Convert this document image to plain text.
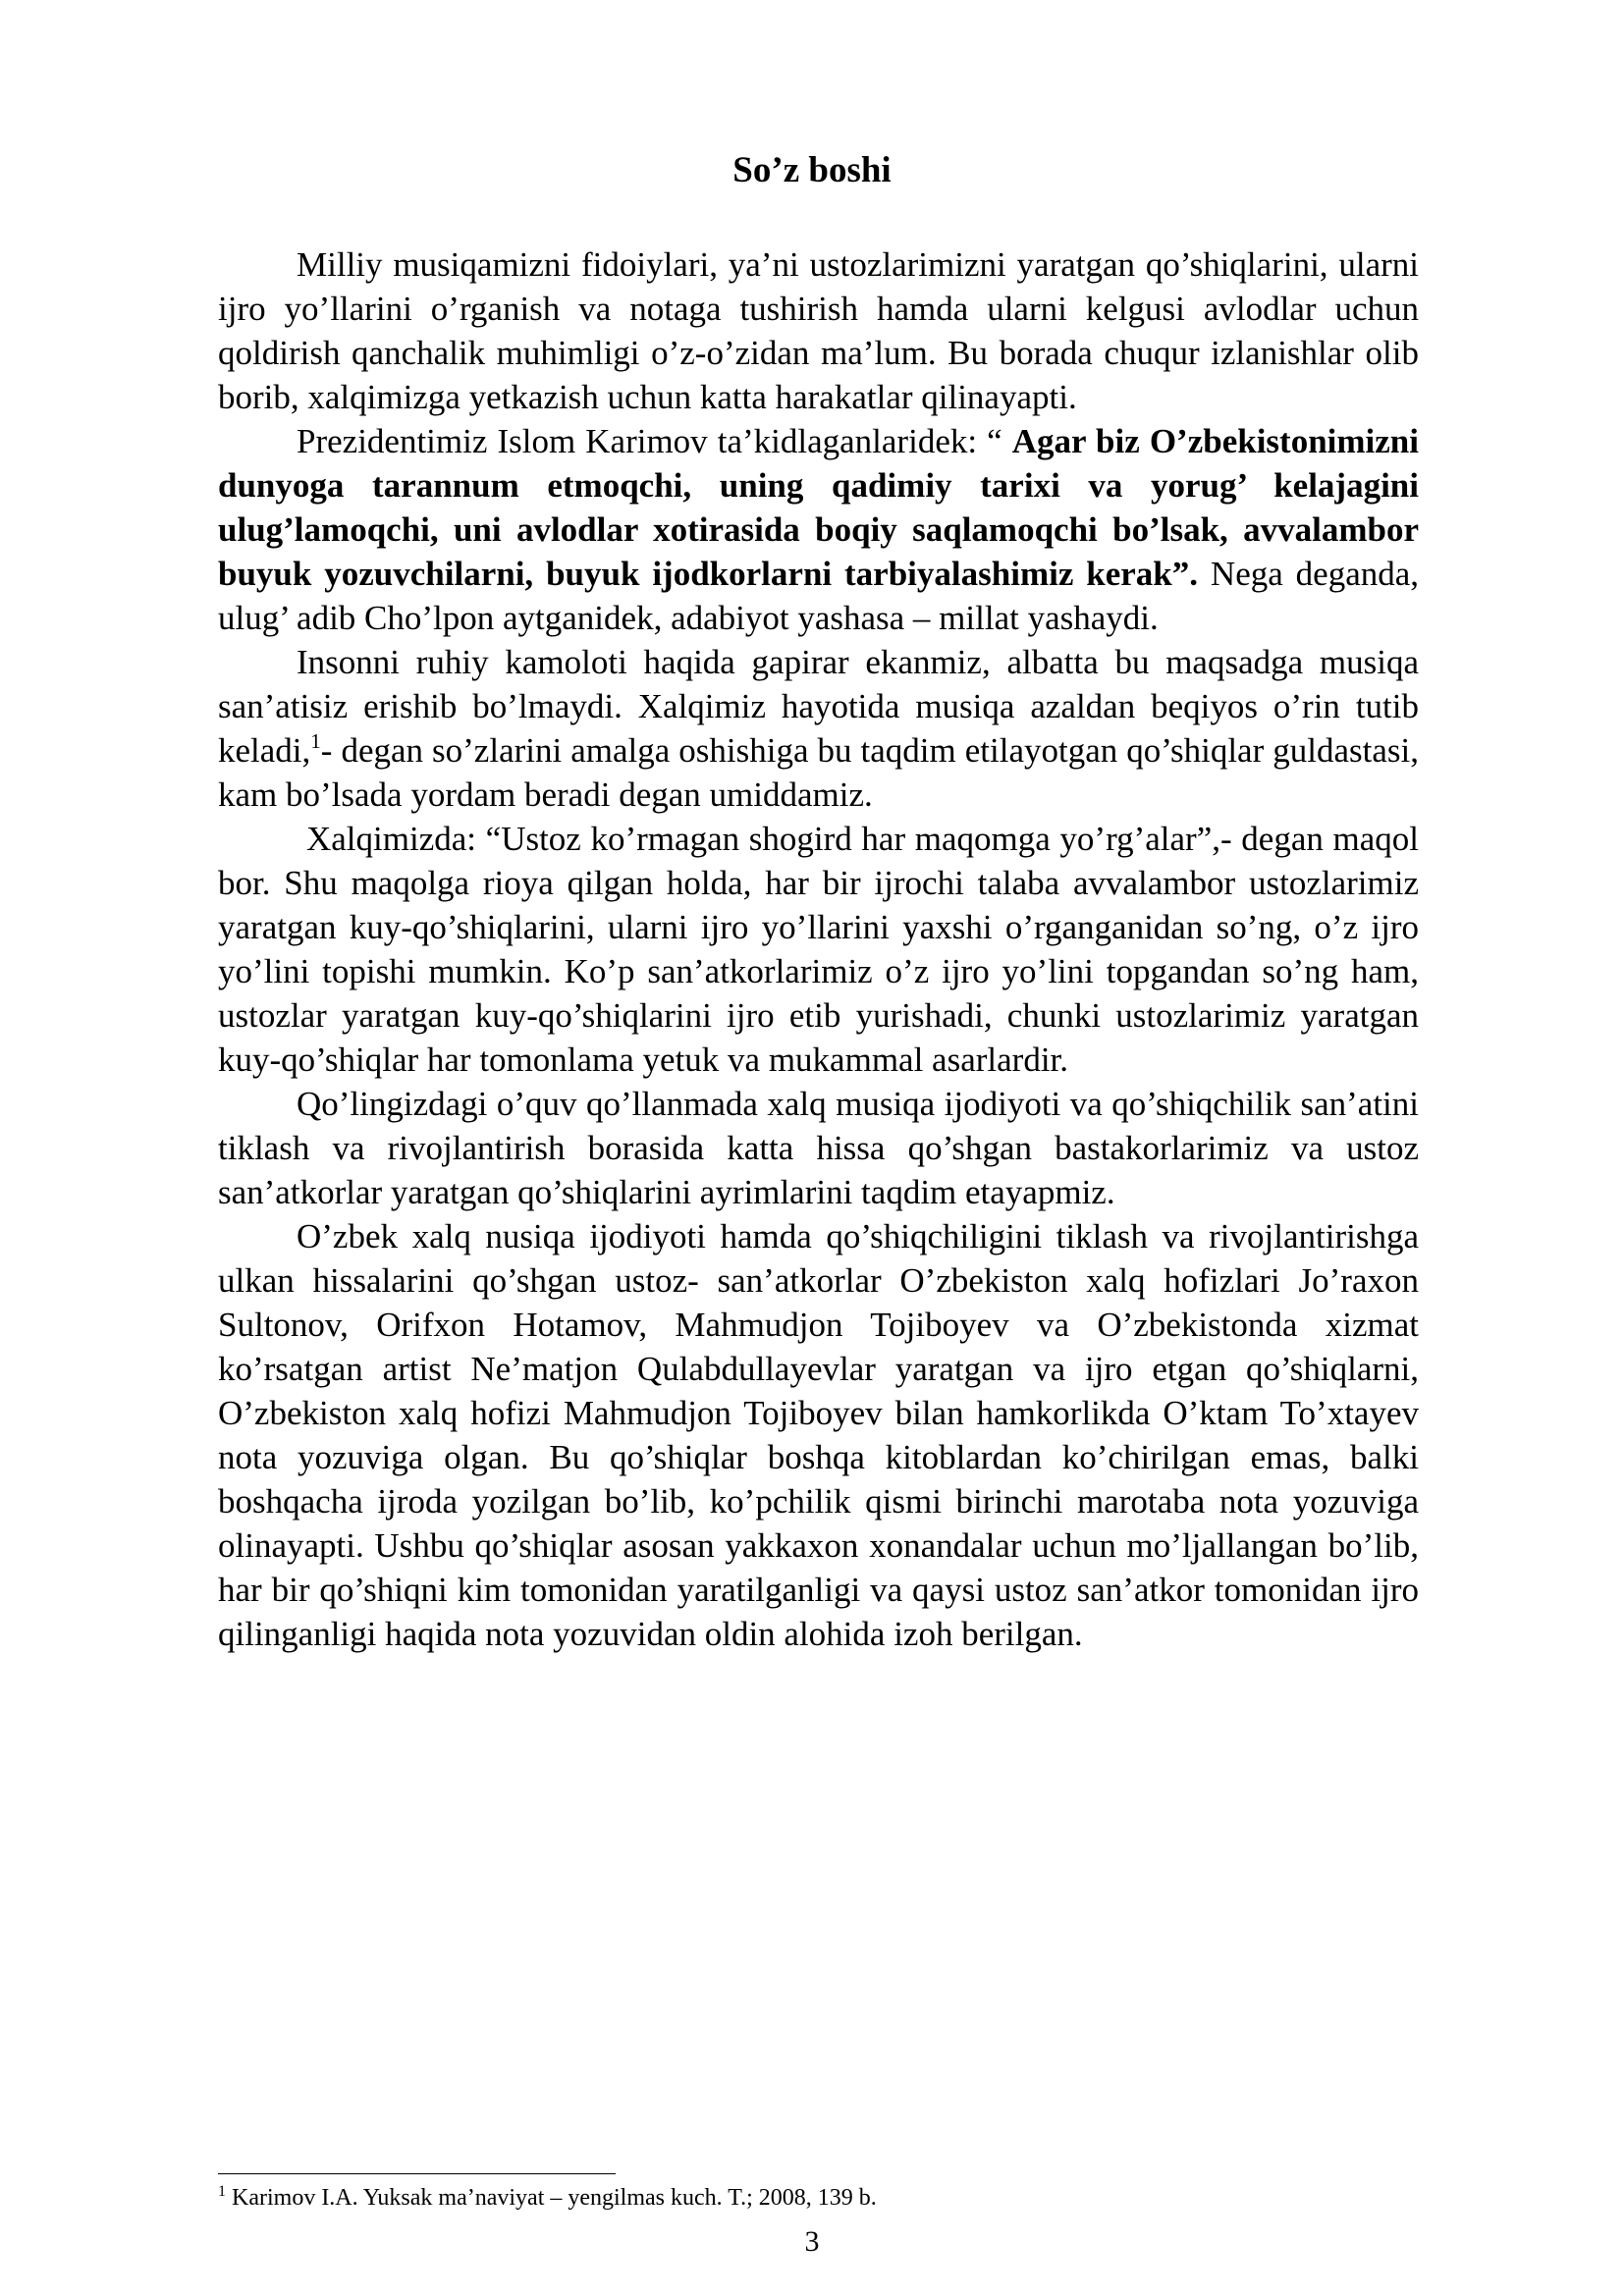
So’z boshi

Milliy musiqamizni fidoiylari, ya’ni ustozlarimizni yaratgan qo’shiqlarini, ularni ijro yo’llarini o’rganish va notaga tushirish hamda ularni kelgusi avlodlar uchun qoldirish qanchalik muhimligi o’z-o’zidan ma’lum. Bu borada chuqur izlanishlar olib borib, xalqimizga yetkazish uchun katta harakatlar qilinayapti.

Prezidentimiz Islom Karimov ta’kidlaganlaridek: “ Agar biz O’zbekistonimizni dunyoga tarannum etmoqchi, uning qadimiy tarixi va yorug’ kelajagini ulug’lamoqchi, uni avlodlar xotirasida boqiy saqlamoqchi bo’lsak, avvalambor buyuk yozuvchilarni, buyuk ijodkorlarni tarbiyalashimiz kerak”. Nega deganda, ulug’ adib Cho’lpon aytganidek, adabiyot yashasa – millat yashaydi.

Insonni ruhiy kamoloti haqida gapirar ekanmiz, albatta bu maqsadga musiqa san’atisiz erishib bo’lmaydi. Xalqimiz hayotida musiqa azaldan beqiyos o’rin tutib keladi,$^1$- degan so’zlarini amalga oshishiga bu taqdim etilayotgan qo’shiqlar guldastasi, kam bo’lsada yordam beradi degan umiddamiz.

Xalqimizda: “Ustoz ko’rmagan shogird har maqomga yo’rg’alar”,- degan maqol bor. Shu maqolga rioya qilgan holda, har bir ijrochi talaba avvalambor ustozlarimiz yaratgan kuy-qo’shiqlarini, ularni ijro yo’llarini yaxshi o’rganganidan so’ng, o’z ijro yo’lini topishi mumkin. Ko’p san’atkorlarimiz o’z ijro yo’lini topgandan so’ng ham, ustozlar yaratgan kuy-qo’shiqlarini ijro etib yurishadi, chunki ustozlarimiz yaratgan kuy-qo’shiqlar har tomonlama yetuk va mukammal asarlardir.

Qo’lingizdagi o’quv qo’llanmada xalq musiqa ijodiyoti va qo’shiqchilik san’atini tiklash va rivojlantirish borasida katta hissa qo’shgan bastakorlarimiz va ustoz san’atkorlar yaratgan qo’shiqlarini ayrimlarini taqdim etayapmiz.

O’zbek xalq nusiqa ijodiyoti hamda qo’shiqchiligini tiklash va rivojlantirishga ulkan hissalarini qo’shgan ustoz- san’atkorlar O’zbekiston xalq hofizlari Jo’raxon Sultonov, Orifxon Hotamov, Mahmudjon Tojiboyev va O’zbekistonda xizmat ko’rsatgan artist Ne’matjon Qulabdullayevlar yaratgan va ijro etgan qo’shiqlarni, O’zbekiston xalq hofizi Mahmudjon Tojiboyev bilan hamkorlikda O’ktam To’xtayev nota yozuviga olgan. Bu qo’shiqlar boshqa kitoblardan ko’chirilgan emas, balki boshqacha ijroda yozilgan bo’lib, ko’pchilik qismi birinchi marotaba nota yozuviga olinayapti. Ushbu qo’shiqlar asosan yakkaxon xonandalar uchun mo’ljallangan bo’lib, har bir qo’shiqni kim tomonidan yaratilganligi va qaysi ustoz san’atkor tomonidan ijro qilinganligi haqida nota yozuvidan oldin alohida izoh berilgan.

$^1$ Karimov I.A. Yuksak ma’naviyat – yengilmas kuch. T.; 2008, 139 b.
3
